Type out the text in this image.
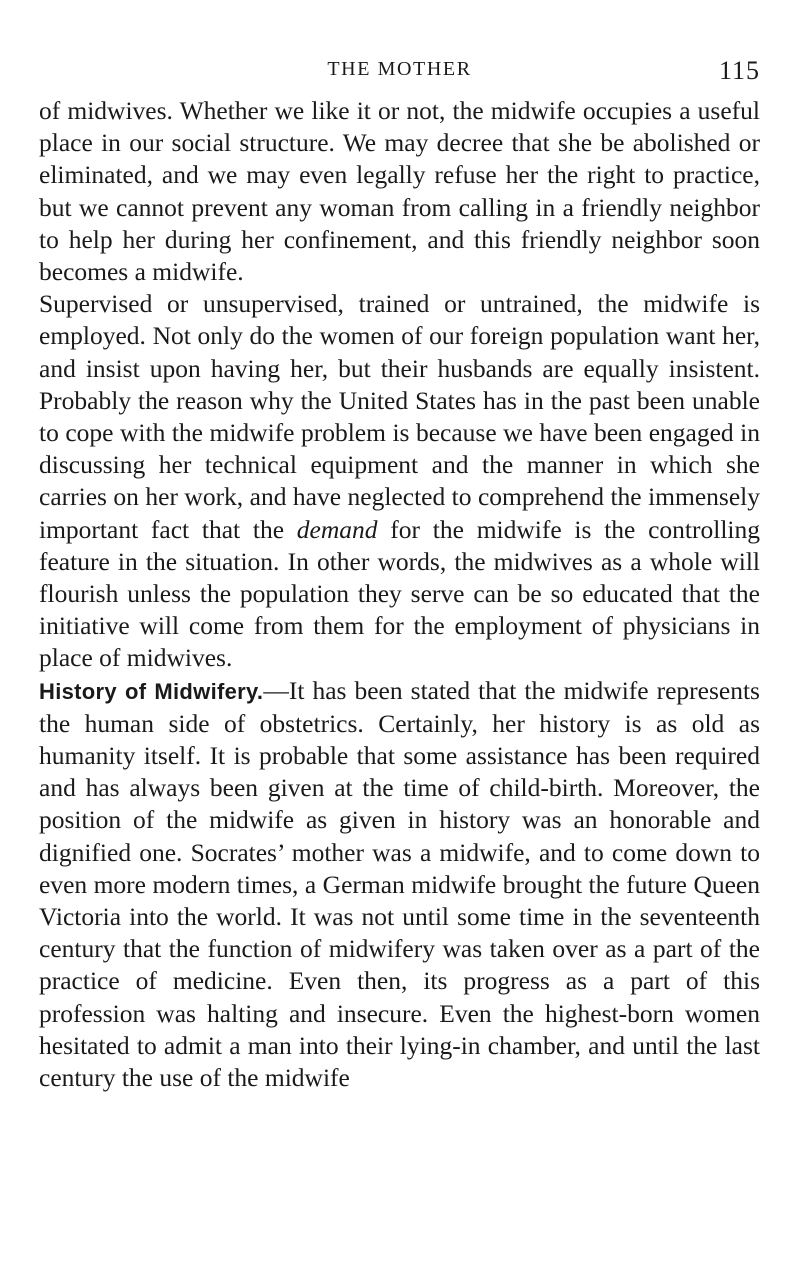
THE MOTHER	115

of midwives. Whether we like it or not, the midwife occupies a useful place in our social structure. We may decree that she be abolished or eliminated, and we may even legally refuse her the right to practice, but we cannot prevent any woman from calling in a friendly neighbor to help her during her confinement, and this friendly neighbor soon becomes a midwife.

Supervised or unsupervised, trained or untrained, the midwife is employed. Not only do the women of our foreign population want her, and insist upon having her, but their husbands are equally insistent. Probably the reason why the United States has in the past been unable to cope with the midwife problem is because we have been engaged in discussing her technical equipment and the manner in which she carries on her work, and have neglected to comprehend the immensely important fact that the demand for the midwife is the controlling feature in the situation. In other words, the midwives as a whole will flourish unless the population they serve can be so educated that the initiative will come from them for the employment of physicians in place of midwives.

History of Midwifery.—It has been stated that the midwife represents the human side of obstetrics. Certainly, her history is as old as humanity itself. It is probable that some assistance has been required and has always been given at the time of child-birth. Moreover, the position of the midwife as given in history was an honorable and dignified one. Socrates’ mother was a midwife, and to come down to even more modern times, a German midwife brought the future Queen Victoria into the world. It was not until some time in the seventeenth century that the function of midwifery was taken over as a part of the practice of medicine. Even then, its progress as a part of this profession was halting and insecure. Even the highest-born women hesitated to admit a man into their lying-in chamber, and until the last century the use of the midwife
